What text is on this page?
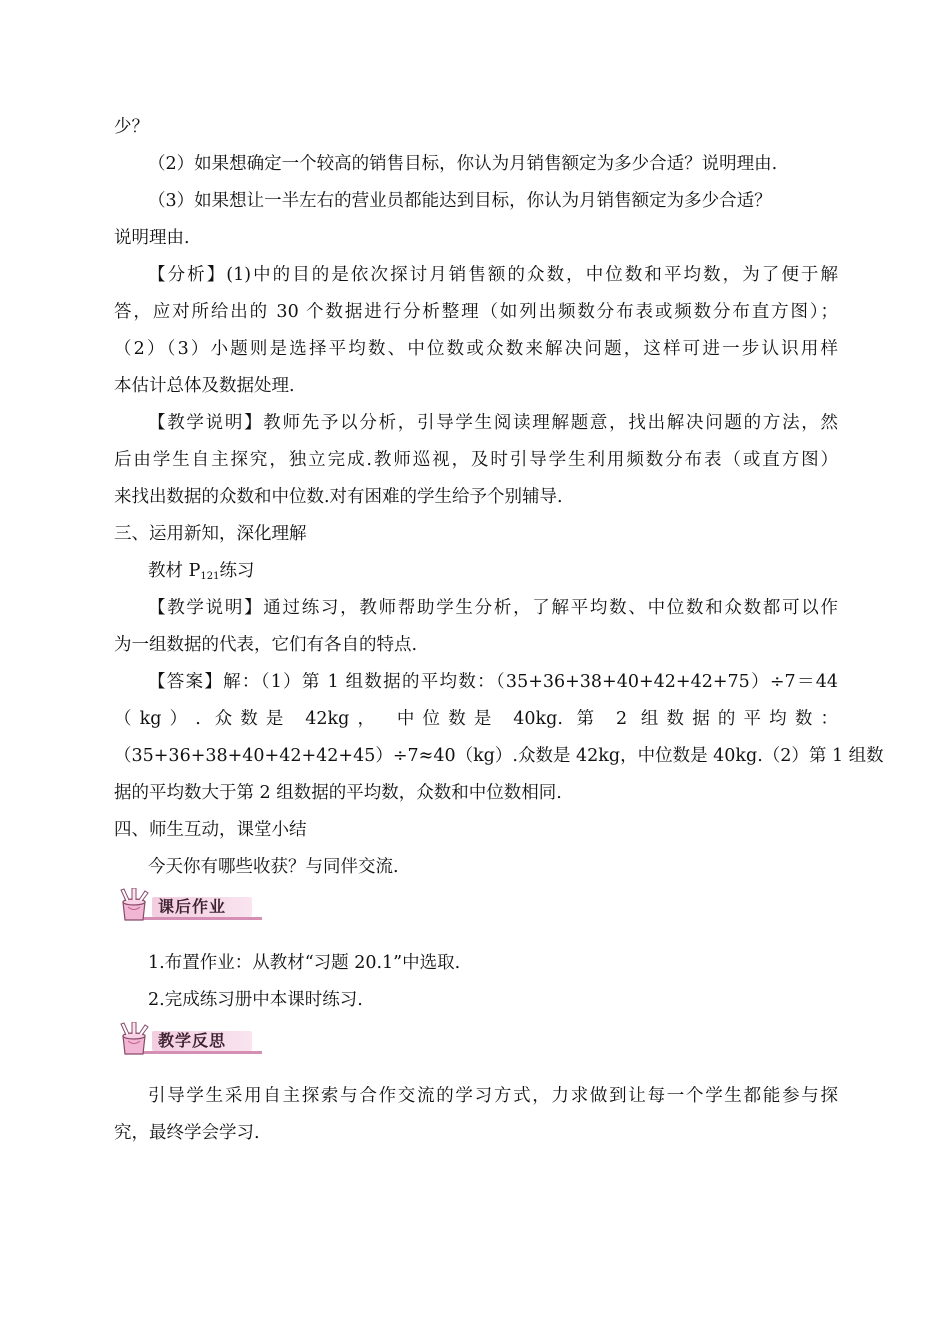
少？
（2）如果想确定一个较高的销售目标，你认为月销售额定为多少合适？说明理由.
（3）如果想让一半左右的营业员都能达到目标，你认为月销售额定为多少合适？
说明理由.
【分析】(1)中的目的是依次探讨月销售额的众数，中位数和平均数，为了便于解
答，应对所给出的 30 个数据进行分析整理（如列出频数分布表或频数分布直方图）；
（2）（3）小题则是选择平均数、中位数或众数来解决问题，这样可进一步认识用样
本估计总体及数据处理.
【教学说明】教师先予以分析，引导学生阅读理解题意，找出解决问题的方法，然
后由学生自主探究，独立完成.教师巡视，及时引导学生利用频数分布表（或直方图）
来找出数据的众数和中位数.对有困难的学生给予个别辅导.
三、运用新知，深化理解
教材 $P_{121}$练习
【教学说明】通过练习，教师帮助学生分析，了解平均数、中位数和众数都可以作
为一组数据的代表，它们有各自的特点.
【答案】解：（1）第 1 组数据的平均数：（35+36+38+40+42+42+75）÷7＝44
（kg）. 众数是 42kg， 中位数是 40kg. 第 2 组数据的平均数：
（35+36+38+40+42+42+45）÷7≈40（kg）.众数是 42kg，中位数是 40kg.（2）第 1 组数
据的平均数大于第 2 组数据的平均数，众数和中位数相同.
四、师生互动，课堂小结
今天你有哪些收获？与同伴交流.
课后作业
1.布置作业：从教材“习题 20.1”中选取.
2.完成练习册中本课时练习.
教学反思
引导学生采用自主探索与合作交流的学习方式，力求做到让每一个学生都能参与探
究，最终学会学习.
